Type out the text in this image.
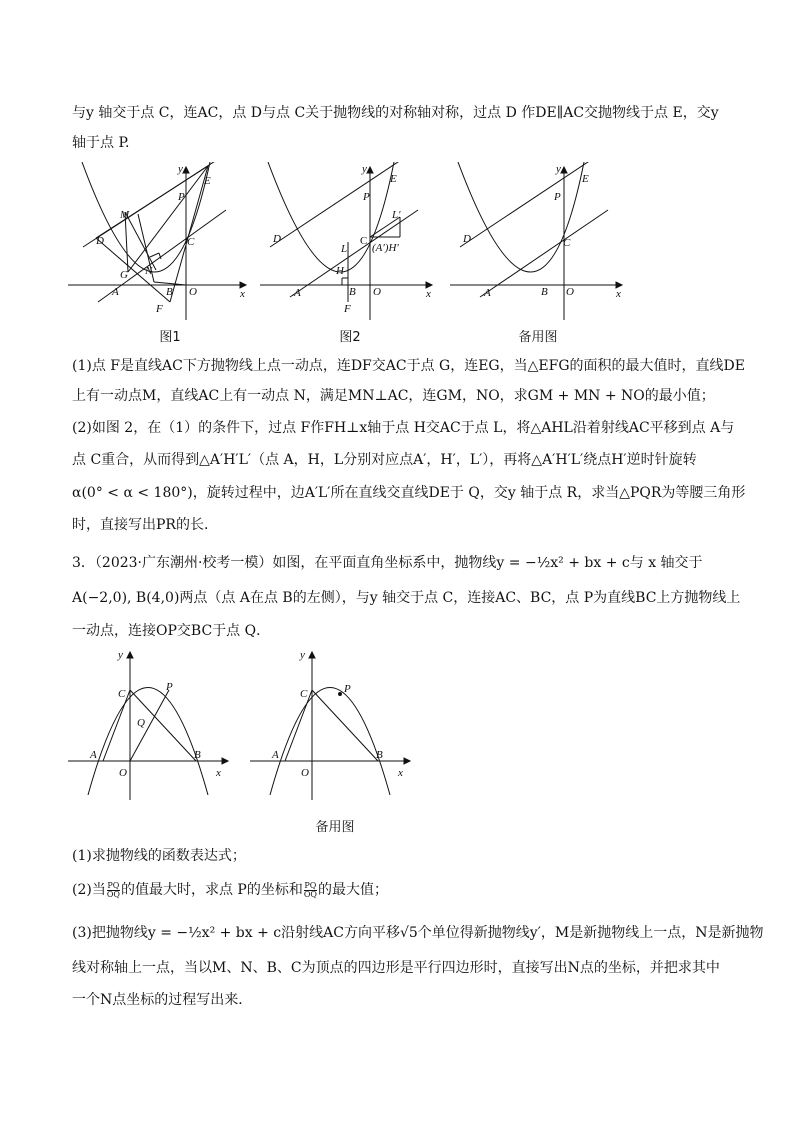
与y 轴交于点 C，连AC，点 D与点 C关于抛物线的对称轴对称，过点 D 作DE∥AC交抛物线于点 E，交y
轴于点 P.
D
M
G N
A	B
F
O
C
P
E
y
x
图1
D
L
H
A	B
F
O
C
L′
(A′)H′
P
E
y
x
图2
D
A	B O
C
P
E
y
x
备用图
(1)点 F是直线AC下方抛物线上点一动点，连DF交AC于点 G，连EG，当△EFG的面积的最大值时，直线DE
上有一动点M，直线AC上有一动点 N，满足MN⊥AC，连GM，NO，求GM + MN + NO的最小值；
(2)如图 2，在（1）的条件下，过点 F作FH⊥x轴于点 H交AC于点 L，将△AHL沿着射线AC平移到点 A与
点 C重合，从而得到△A′H′L′（点 A，H，L分别对应点A′，H′，L′），再将△A′H′L′绕点H′逆时针旋转
α(0° < α < 180°)，旋转过程中，边A′L′所在直线交直线DE于 Q，交y 轴于点 R，求当△PQR为等腰三角形
时，直接写出PR的长．
3．（2023·广东潮州·校考一模）如图，在平面直角坐标系中，抛物线y = −½x² + bx + c与 x 轴交于
A(−2,0), B(4,0)两点（点 A在点 B的左侧），与y 轴交于点 C，连接AC、BC，点 P为直线BC上方抛物线上
一动点，连接OP交BC于点 Q．
y
C
P
Q
A	B
O	x
y
C	P
A	B
O	x
备用图
(1)求抛物线的函数表达式；
(2)当 $\frac{PQ}{OQ}$ 的值最大时，求点 P的坐标和 $\frac{PQ}{OQ}$ 的最大值；
(3)把抛物线y = −½x² + bx + c沿射线AC方向平移√5个单位得新抛物线y′，M是新抛物线上一点，N是新抛物
线对称轴上一点，当以M、N、B、C为顶点的四边形是平行四边形时，直接写出N点的坐标，并把求其中
一个N点坐标的过程写出来．
